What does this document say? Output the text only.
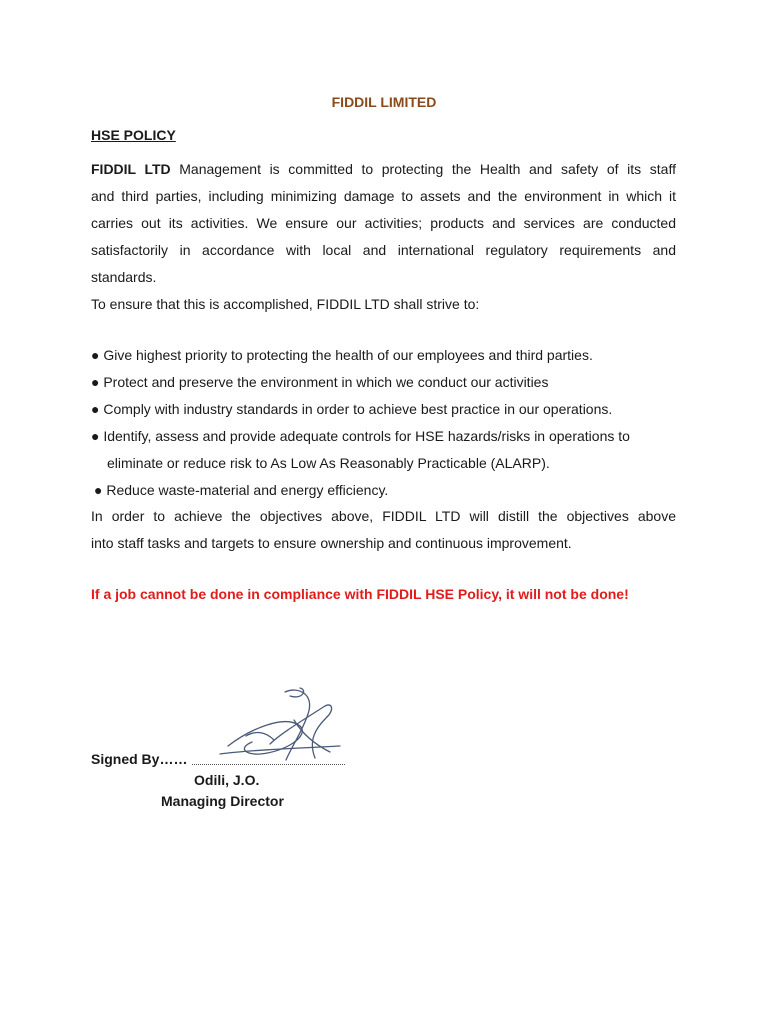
FIDDIL LIMITED
HSE POLICY
FIDDIL LTD Management is committed to protecting the Health and safety of its staff
and third parties, including minimizing damage to assets and the environment in which it
carries out its activities. We ensure our activities; products and services are conducted
satisfactorily in accordance with local and international regulatory requirements and
standards.
To ensure that this is accomplished, FIDDIL LTD shall strive to:
● Give highest priority to protecting the health of our employees and third parties.
● Protect and preserve the environment in which we conduct our activities
● Comply with industry standards in order to achieve best practice in our operations.
● Identify, assess and provide adequate controls for HSE hazards/risks in operations to
eliminate or reduce risk to As Low As Reasonably Practicable (ALARP).
● Reduce waste-material and energy efficiency.
In order to achieve the objectives above, FIDDIL LTD will distill the objectives above
into staff tasks and targets to ensure ownership and continuous improvement.
If a job cannot be done in compliance with FIDDIL HSE Policy, it will not be done!
Signed By……
Odili, J.O.
Managing Director
